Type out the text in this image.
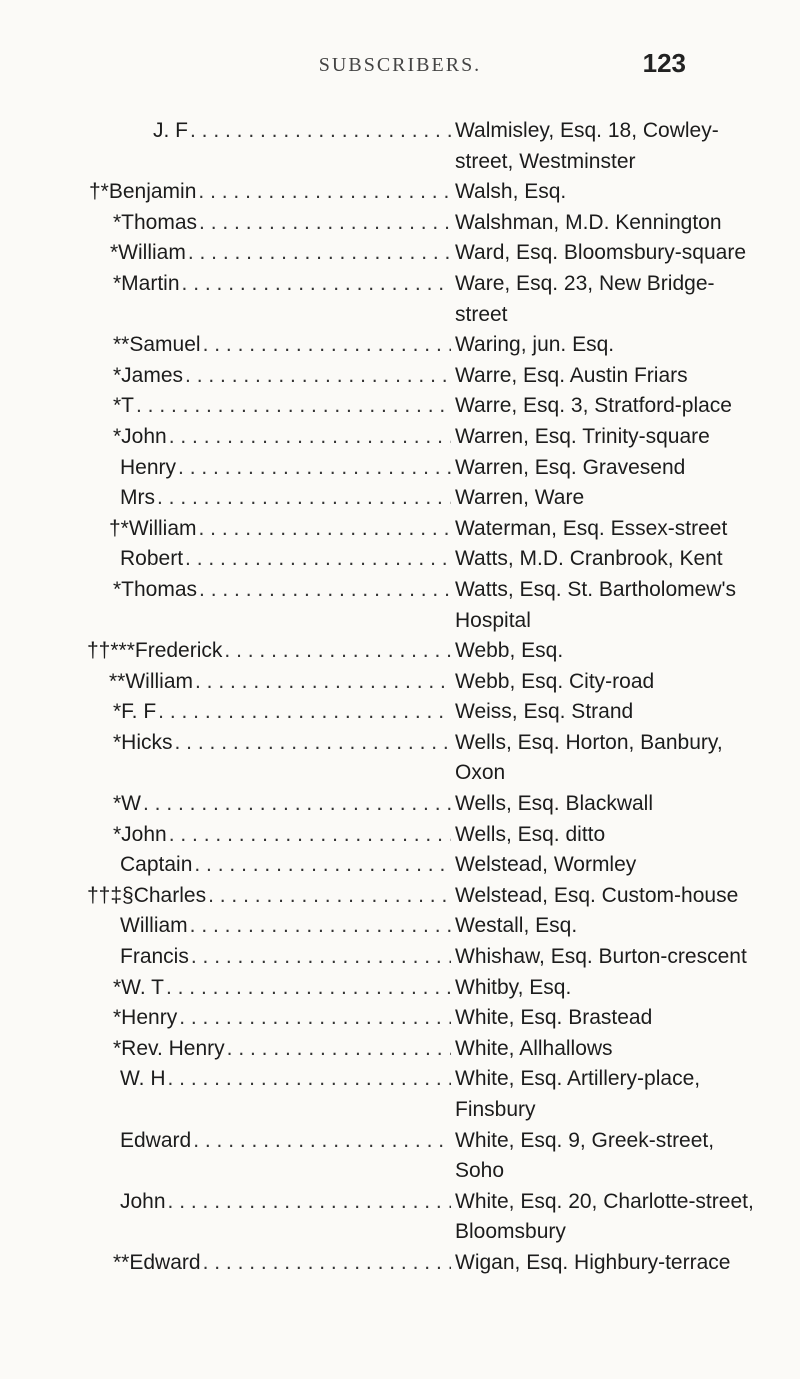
SUBSCRIBERS.	123
J. F . . .	Walmisley, Esq. 18, Cowley-street, Westminster
†*Benjamin . . .	Walsh, Esq.
*Thomas . . .	Walshman, M.D. Kennington
*William . . .	Ward, Esq. Bloomsbury-square
*Martin . . .	Ware, Esq. 23, New Bridge-street
**Samuel . . .	Waring, jun. Esq.
*James . . .	Warre, Esq. Austin Friars
*T . . .	Warre, Esq. 3, Stratford-place
*John . . .	Warren, Esq. Trinity-square
Henry . . .	Warren, Esq. Gravesend
Mrs . . .	Warren, Ware
†*William . . .	Waterman, Esq. Essex-street
Robert . . .	Watts, M.D. Cranbrook, Kent
*Thomas . . .	Watts, Esq. St. Bartholomew's Hospital
††***Frederick . . .	Webb, Esq.
**William . . .	Webb, Esq. City-road
*F. F . . .	Weiss, Esq. Strand
*Hicks . . .	Wells, Esq. Horton, Banbury, Oxon
*W . . .	Wells, Esq. Blackwall
*John . . .	Wells, Esq. ditto
Captain . . .	Welstead, Wormley
††‡§Charles . . .	Welstead, Esq. Custom-house
William . . .	Westall, Esq.
Francis . . .	Whishaw, Esq. Burton-crescent
*W. T . . .	Whitby, Esq.
*Henry . . .	White, Esq. Brastead
*Rev. Henry . . .	White, Allhallows
W. H . . .	White, Esq. Artillery-place, Finsbury
Edward . . .	White, Esq. 9, Greek-street, Soho
John . . .	White, Esq. 20, Charlotte-street, Bloomsbury
**Edward . . .	Wigan, Esq. Highbury-terrace
